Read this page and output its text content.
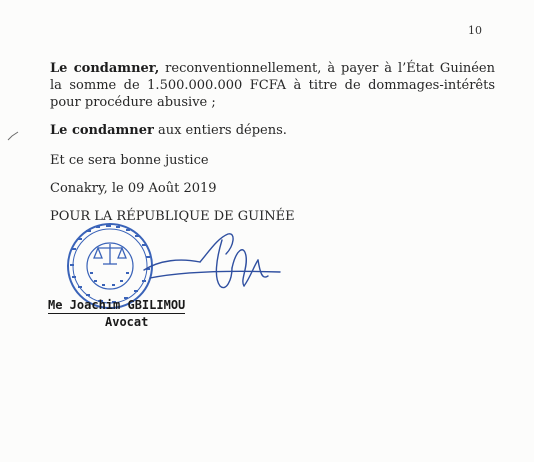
10
Le condamner, reconventionnellement, à payer à l’État Guinéen la somme de 1.500.000.000 FCFA à titre de dommages-intérêts pour procédure abusive ;
Le condamner aux entiers dépens.
Et ce sera bonne justice
Conakry, le 09 Août 2019
POUR LA RÉPUBLIQUE DE GUINÉE
Me Joachim GBILIMOU
Avocat
